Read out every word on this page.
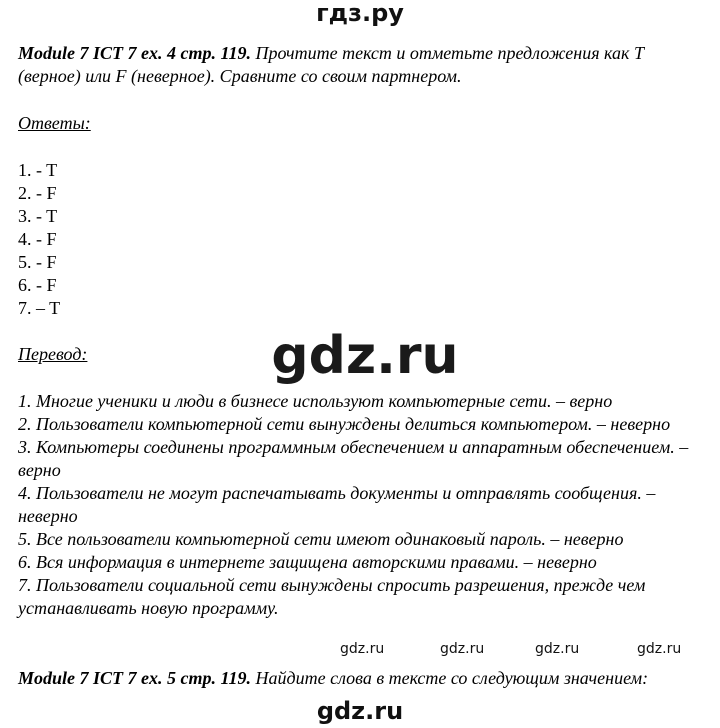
гдз.ру

Module 7 ICT 7 ex. 4 стр. 119. Прочтите текст и отметьте предложения как T (верное) или F (неверное). Сравните со своим партнером.

Ответы:

1. - T
2. - F
3. - T
4. - F
5. - F
6. - F
7. – T

Перевод:

1. Многие ученики и люди в бизнесе используют компьютерные сети. – верно
2. Пользователи компьютерной сети вынуждены делиться компьютером. – неверно
3. Компьютеры соединены программным обеспечением и аппаратным обеспечением. – верно
4. Пользователи не могут распечатывать документы и отправлять сообщения. – неверно
5. Все пользователи компьютерной сети имеют одинаковый пароль. – неверно
6. Вся информация в интернете защищена авторскими правами. – неверно
7. Пользователи социальной сети вынуждены спросить разрешения, прежде чем устанавливать новую программу.

Module 7 ICT 7 ex. 5 стр. 119. Найдите слова в тексте со следующим значением:

gdz.ru
gdz.ru	gdz.ru	gdz.ru	gdz.ru
gdz.ru
